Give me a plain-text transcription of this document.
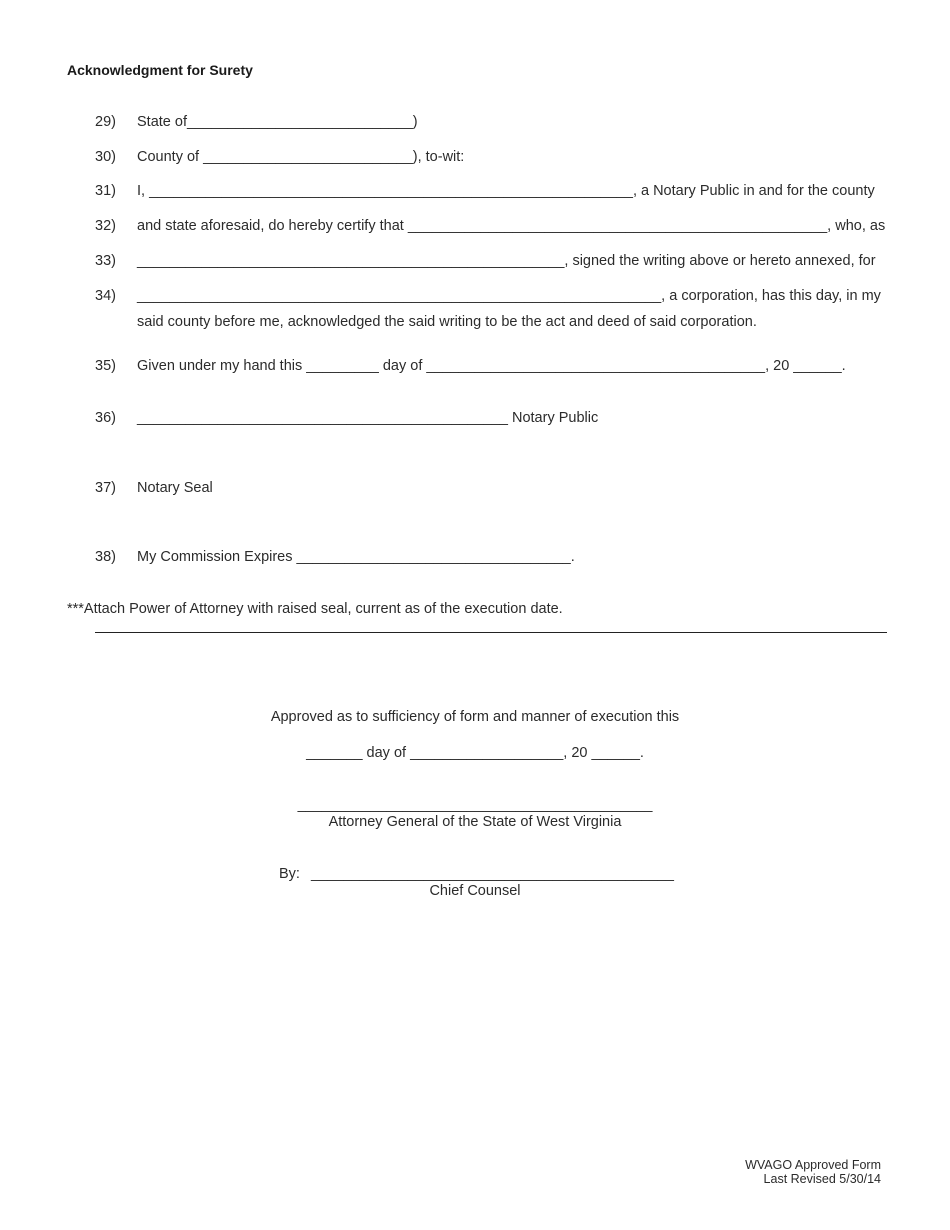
Acknowledgment for Surety
29) State of____________________________)
30) County of __________________________), to-wit:
31) I, ____________________________________________________________, a Notary Public in and for the county
32) and state aforesaid, do hereby certify that ____________________________________________________, who, as
33) _____________________________________________________, signed the writing above or hereto annexed, for
34) _________________________________________________________________, a corporation, has this day, in my
said county before me, acknowledged the said writing to be the act and deed of said corporation.
35) Given under my hand this _________ day of __________________________________________, 20 ______.
36) ______________________________________________ Notary Public
37) Notary Seal
38) My Commission Expires __________________________________.
***Attach Power of Attorney with raised seal, current as of the execution date.
Approved as to sufficiency of form and manner of execution this
_______ day of ___________________, 20 ______.
____________________________________________
Attorney General of the State of West Virginia
By: _____________________________________________
Chief Counsel
WVAGO Approved Form
Last Revised 5/30/14
